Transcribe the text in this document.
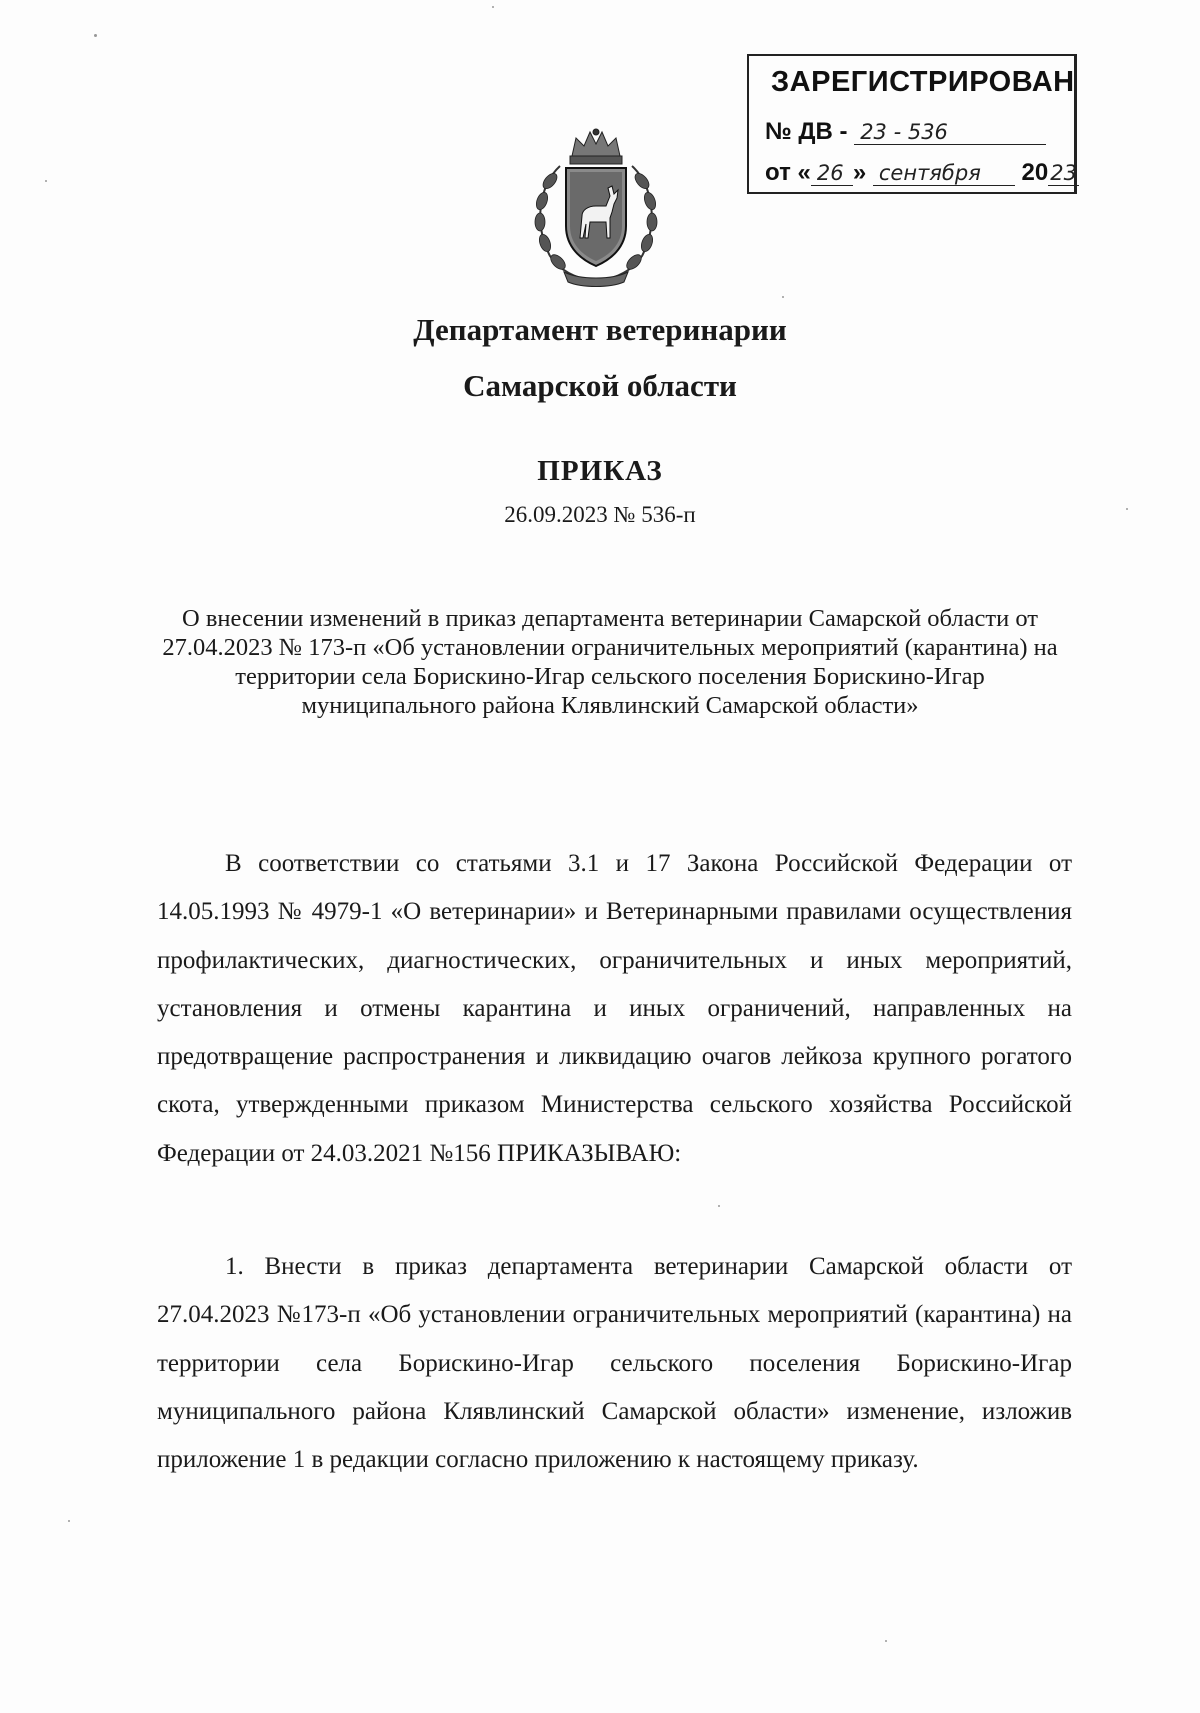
ЗАРЕГИСТРИРОВАН
№ ДВ - 23 - 536
от « 26 » сентября 2023
Департамент ветеринарии
Самарской области
ПРИКАЗ
26.09.2023 № 536-п
О внесении изменений в приказ департамента ветеринарии Самарской области от 27.04.2023 № 173-п «Об установлении ограничительных мероприятий (карантина) на территории села Борискино-Игар сельского поселения Борискино-Игар муниципального района Клявлинский Самарской области»

В соответствии со статьями 3.1 и 17 Закона Российской Федерации от 14.05.1993 № 4979-1 «О ветеринарии» и Ветеринарными правилами осуществления профилактических, диагностических, ограничительных и иных мероприятий, установления и отмены карантина и иных ограничений, направленных на предотвращение распространения и ликвидацию очагов лейкоза крупного рогатого скота, утвержденными приказом Министерства сельского хозяйства Российской Федерации от 24.03.2021 №156 ПРИКАЗЫВАЮ:

1. Внести в приказ департамента ветеринарии Самарской области от 27.04.2023 №173-п «Об установлении ограничительных мероприятий (карантина) на территории села Борискино-Игар сельского поселения Борискино-Игар муниципального района Клявлинский Самарской области» изменение, изложив приложение 1 в редакции согласно приложению к настоящему приказу.
